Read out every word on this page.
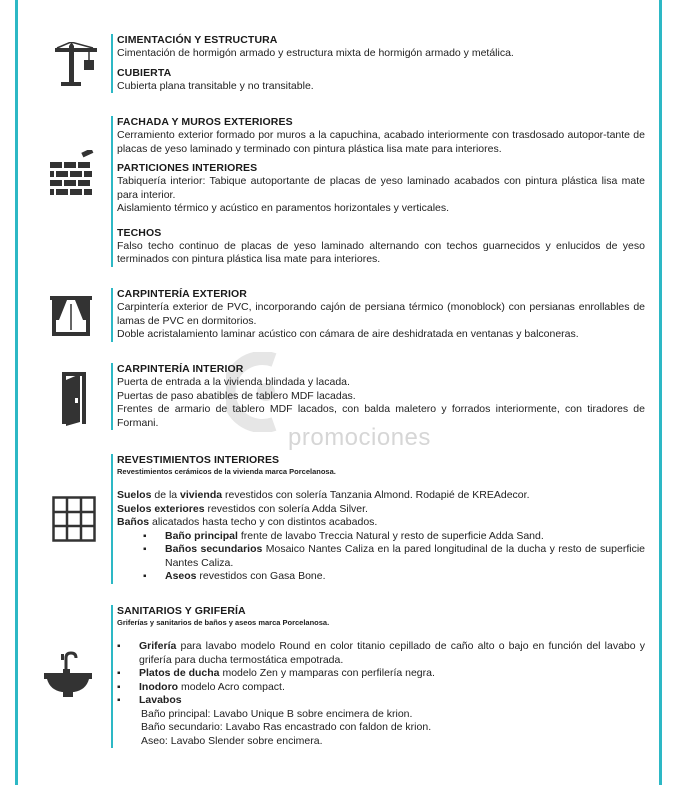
promociones
CIMENTACIÓN Y ESTRUCTURA
Cimentación de hormigón armado y estructura mixta de hormigón armado y metálica.
CUBIERTA
Cubierta plana transitable y no transitable.
FACHADA Y MUROS EXTERIORES
Cerramiento exterior formado por muros a la capuchina, acabado interiormente con trasdosado autopor-tante de placas de yeso laminado y terminado con pintura plástica lisa mate para interiores.
PARTICIONES INTERIORES
Tabiquería interior: Tabique autoportante de placas de yeso laminado acabados con pintura plástica lisa mate para interior.
Aislamiento térmico y acústico en paramentos horizontales y verticales.
TECHOS
Falso techo continuo de placas de yeso laminado alternando con techos guarnecidos y enlucidos de yeso terminados con pintura plástica lisa mate para interiores.
CARPINTERÍA EXTERIOR
Carpintería exterior de PVC, incorporando cajón de persiana térmico (monoblock) con persianas enrollables de lamas de PVC en dormitorios.
Doble acristalamiento laminar acústico con cámara de aire deshidratada en ventanas y balconeras.
CARPINTERÍA INTERIOR
Puerta de entrada a la vivienda blindada y lacada.
Puertas de paso abatibles de tablero MDF lacadas.
Frentes de armario de tablero MDF lacados, con balda maletero y forrados interiormente, con tiradores de Formani.
REVESTIMIENTOS INTERIORES
Revestimientos cerámicos de la vivienda marca Porcelanosa.
Suelos de la vivienda revestidos con solería Tanzania Almond. Rodapié de KREAdecor.
Suelos exteriores revestidos con solería Adda Silver.
Baños alicatados hasta techo y con distintos acabados.
▪ Baño principal frente de lavabo Treccia Natural y resto de superficie Adda Sand.
▪ Baños secundarios Mosaico Nantes Caliza en la pared longitudinal de la ducha y resto de superficie Nantes Caliza.
▪ Aseos revestidos con Gasa Bone.
SANITARIOS Y GRIFERÍA
Griferías y sanitarios de baños y aseos marca Porcelanosa.
▪ Grifería para lavabo modelo Round en color titanio cepillado de caño alto o bajo en función del lavabo y grifería para ducha termostática empotrada.
▪ Platos de ducha modelo Zen y mamparas con perfilería negra.
▪ Inodoro modelo Acro compact.
▪ Lavabos
Baño principal: Lavabo Unique B sobre encimera de krion.
Baño secundario: Lavabo Ras encastrado con faldon de krion.
Aseo: Lavabo Slender sobre encimera.
